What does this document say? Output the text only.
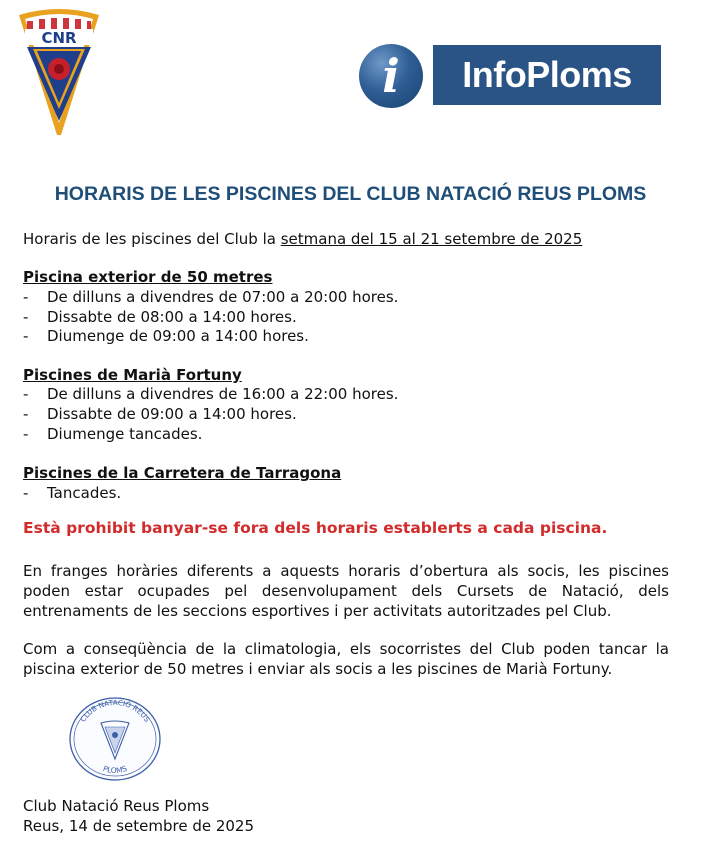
CNR
i	InfoPloms
HORARIS DE LES PISCINES DEL CLUB NATACIÓ REUS PLOMS

Horaris de les piscines del Club la setmana del 15 al 21 setembre de 2025

Piscina exterior de 50 metres

- De dilluns a divendres de 07:00 a 20:00 hores.

- Dissabte de 08:00 a 14:00 hores.

- Diumenge de 09:00 a 14:00 hores.

Piscines de Marià Fortuny

- De dilluns a divendres de 16:00 a 22:00 hores.

- Dissabte de 09:00 a 14:00 hores.

- Diumenge tancades.

Piscines de la Carretera de Tarragona

- Tancades.

Està prohibit banyar-se fora dels horaris establerts a cada piscina.

En franges horàries diferents a aquests horaris d’obertura als socis, les piscines poden estar ocupades pel desenvolupament dels Cursets de Natació, dels entrenaments de les seccions esportives i per activitats autoritzades pel Club.

Com a conseqüència de la climatologia, els socorristes del Club poden tancar la piscina exterior de 50 metres i enviar als socis a les piscines de Marià Fortuny.

CLUB NATACIÓ REUS
PLOMS

Club Natació Reus Ploms

Reus, 14 de setembre de 2025
